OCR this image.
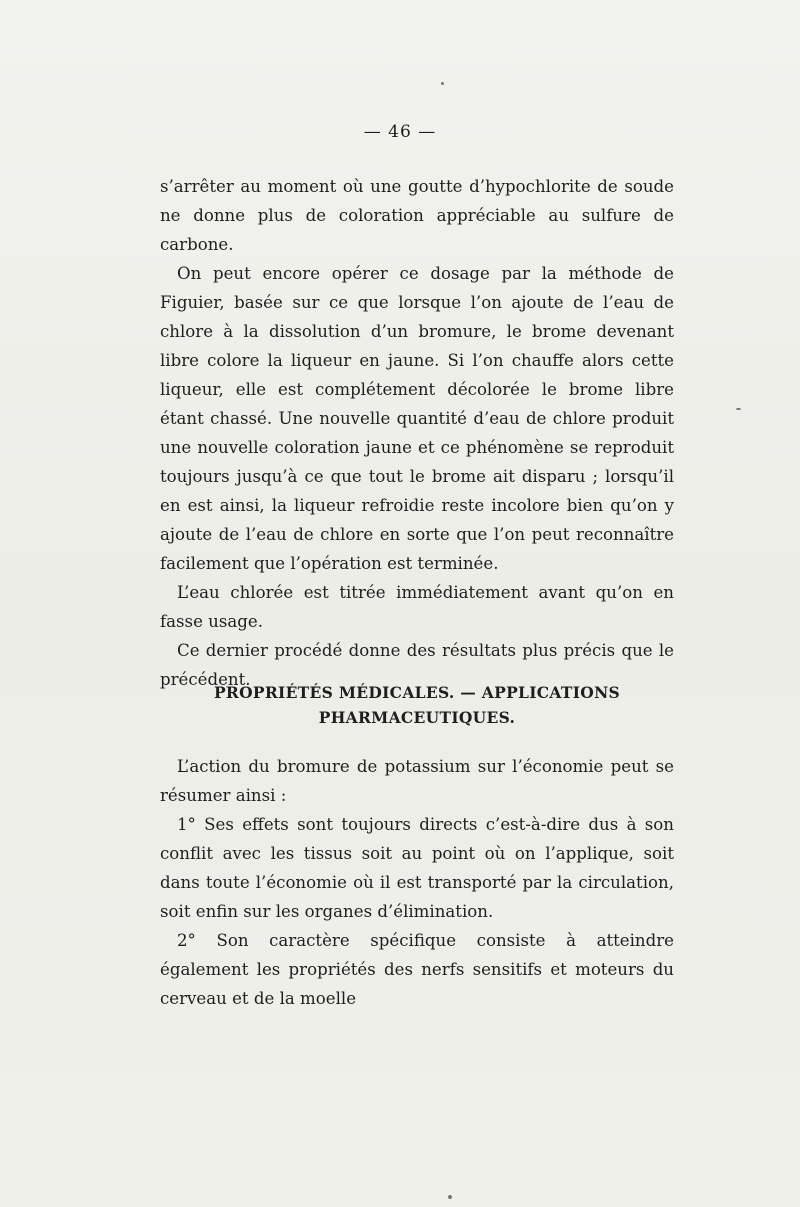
— 46 —

s’arrêter au moment où une goutte d’hypochlorite de soude ne donne plus de coloration appréciable au sulfure de carbone.

On peut encore opérer ce dosage par la méthode de Figuier, basée sur ce que lorsque l’on ajoute de l’eau de chlore à la dissolution d’un bromure, le brome devenant libre colore la liqueur en jaune. Si l’on chauffe alors cette liqueur, elle est complétement décolorée le brome libre étant chassé. Une nouvelle quantité d’eau de chlore produit une nouvelle coloration jaune et ce phénomène se reproduit toujours jusqu’à ce que tout le brome ait disparu ; lorsqu’il en est ainsi, la liqueur refroidie reste incolore bien qu’on y ajoute de l’eau de chlore en sorte que l’on peut reconnaître facilement que l’opération est terminée.

L’eau chlorée est titrée immédiatement avant qu’on en fasse usage.

Ce dernier procédé donne des résultats plus précis que le précédent.

PROPRIÉTÉS MÉDICALES. — APPLICATIONS
PHARMACEUTIQUES.

L’action du bromure de potassium sur l’économie peut se résumer ainsi :

1° Ses effets sont toujours directs c’est-à-dire dus à son conflit avec les tissus soit au point où on l’applique, soit dans toute l’économie où il est transporté par la circulation, soit enfin sur les organes d’élimination.

2° Son caractère spécifique consiste à atteindre également les propriétés des nerfs sensitifs et moteurs du cerveau et de la moelle
